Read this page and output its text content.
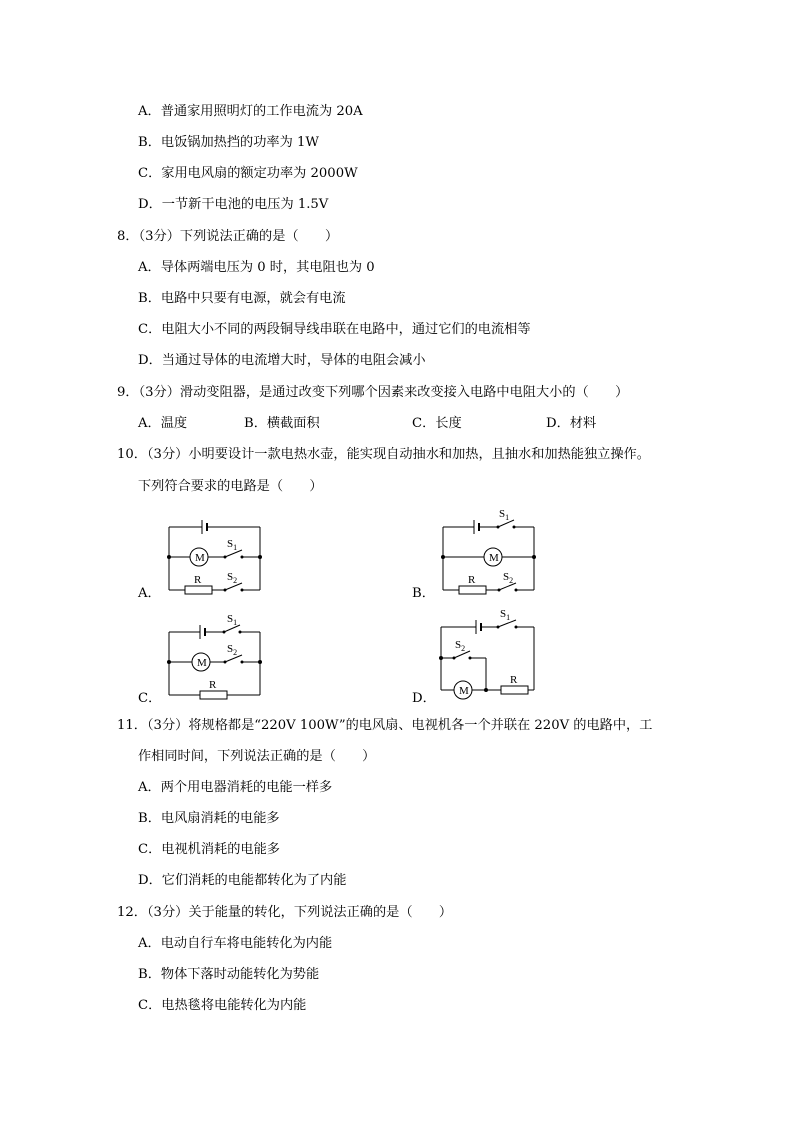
A．普通家用照明灯的工作电流为 20A
B．电饭锅加热挡的功率为 1W
C．家用电风扇的额定功率为 2000W
D．一节新干电池的电压为 1.5V
8．（3分）下列说法正确的是（　　）
A．导体两端电压为 0 时，其电阻也为 0
B．电路中只要有电源，就会有电流
C．电阻大小不同的两段铜导线串联在电路中，通过它们的电流相等
D．当通过导体的电流增大时，导体的电阻会减小
9．（3分）滑动变阻器，是通过改变下列哪个因素来改变接入电路中电阻大小的（　　）
A．温度	B．横截面积	C．长度	D．材料
10．（3分）小明要设计一款电热水壶，能实现自动抽水和加热，且抽水和加热能独立操作。
下列符合要求的电路是（　　）
A．	B．
C．	D．
M
R
$S_1$
$S_2$
M
R
$S_1$
$S_2$
M
R
$S_1$
$S_2$
M
R
$S_1$
$S_2$
11．（3分）将规格都是“220V 100W”的电风扇、电视机各一个并联在 220V 的电路中，工
作相同时间，下列说法正确的是（　　）
A．两个用电器消耗的电能一样多
B．电风扇消耗的电能多
C．电视机消耗的电能多
D．它们消耗的电能都转化为了内能
12．（3分）关于能量的转化，下列说法正确的是（　　）
A．电动自行车将电能转化为内能
B．物体下落时动能转化为势能
C．电热毯将电能转化为内能
